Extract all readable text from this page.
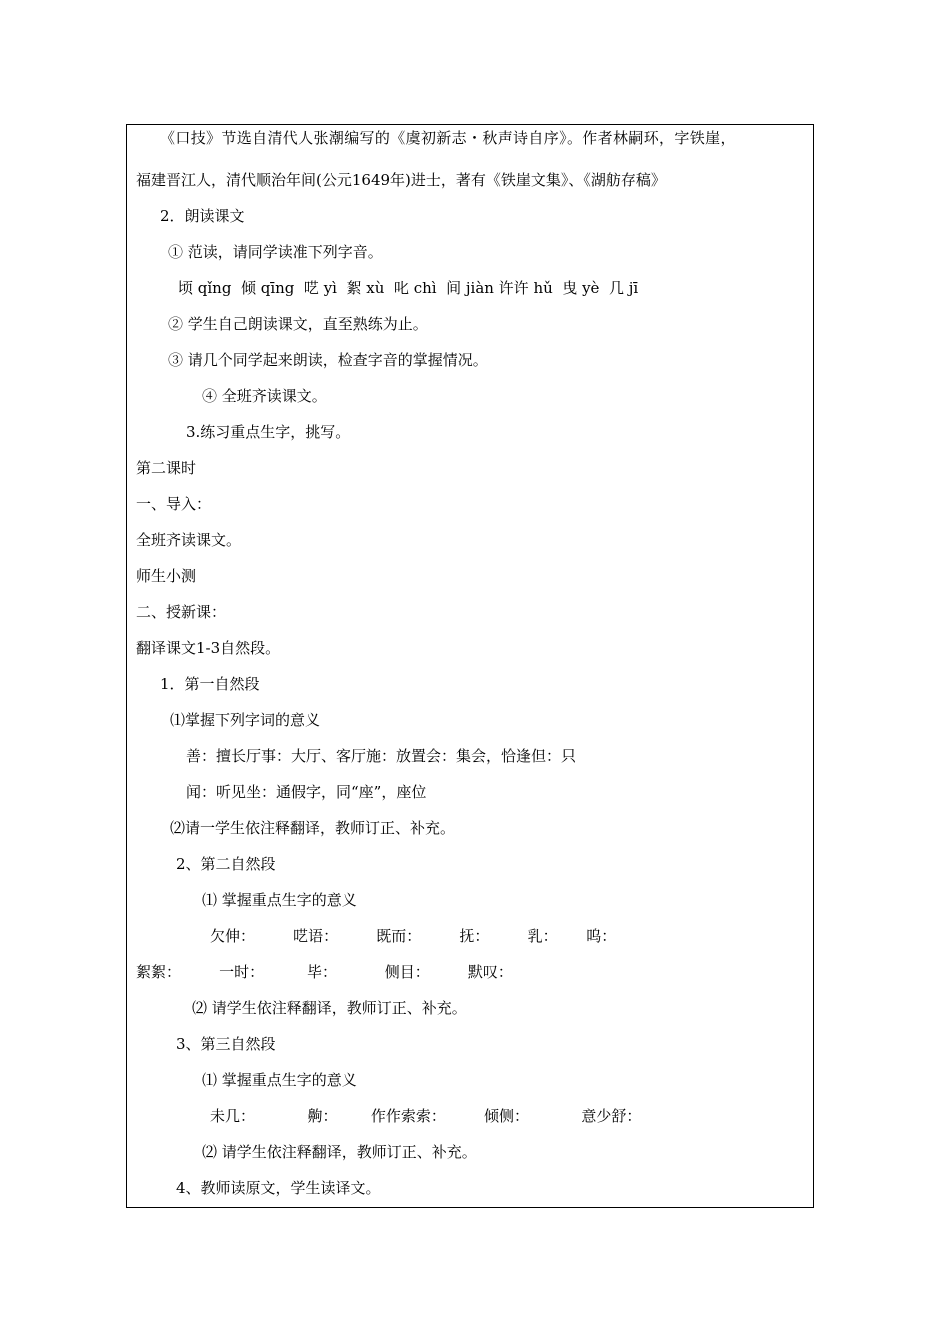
《口技》节选自清代人张潮编写的《虞初新志・秋声诗自序》。作者林嗣环，字铁崖，
福建晋江人，清代顺治年间(公元1649年)进士，著有《铁崖文集》、《湖舫存稿》
2．朗读课文
① 范读，请同学读准下列字音。
顷 qǐng  倾 qīng  呓 yì  絮 xù  叱 chì  间 jiàn 许许 hǔ  曳 yè  几 jī
② 学生自己朗读课文，直至熟练为止。
③ 请几个同学起来朗读，检查字音的掌握情况。
④ 全班齐读课文。
3.练习重点生字，挑写。
第二课时
一、导入：
全班齐读课文。
师生小测
二、授新课：
翻译课文1-3自然段。
1．第一自然段
⑴掌握下列字词的意义
善：擅长厅事：大厅、客厅施：放置会：集会，恰逢但：只
闻：听见坐：通假字，同“座”，座位
⑵请一学生依注释翻译，教师订正、补充。
2、第二自然段
⑴ 掌握重点生字的意义
欠伸：        呓语：        既而：        抚：        乳：      呜：
絮絮：        一时：         毕：          侧目：        默叹：
⑵ 请学生依注释翻译，教师订正、补充。
3、第三自然段
⑴ 掌握重点生字的意义
未几：           齁：       作作索索：        倾侧：           意少舒：
⑵ 请学生依注释翻译，教师订正、补充。
4、教师读原文，学生读译文。
